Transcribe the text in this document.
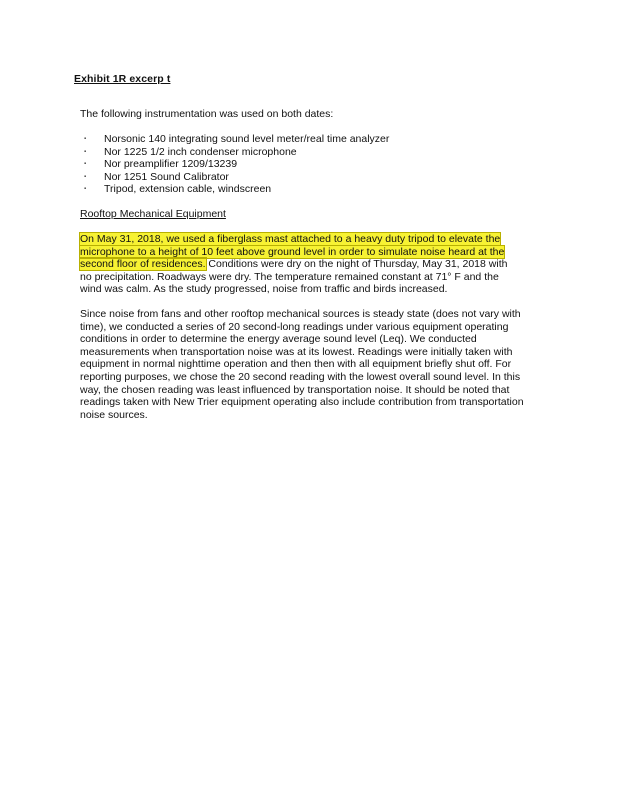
Exhibit 1R excerp t
The following instrumentation was used on both dates:
▪	Norsonic 140 integrating sound level meter/real time analyzer
▪	Nor 1225 1/2 inch condenser microphone
▪	Nor preamplifier 1209/13239
▪	Nor 1251 Sound Calibrator
▪	Tripod, extension cable, windscreen
Rooftop Mechanical Equipment
On May 31, 2018, we used a fiberglass mast attached to a heavy duty tripod to elevate the
microphone to a height of 10 feet above ground level in order to simulate noise heard at the
second floor of residences. Conditions were dry on the night of Thursday, May 31, 2018 with
no precipitation. Roadways were dry. The temperature remained constant at 71° F and the
wind was calm. As the study progressed, noise from traffic and birds increased.
Since noise from fans and other rooftop mechanical sources is steady state (does not vary with
time), we conducted a series of 20 second-long readings under various equipment operating
conditions in order to determine the energy average sound level (Leq). We conducted
measurements when transportation noise was at its lowest. Readings were initially taken with
equipment in normal nighttime operation and then then with all equipment briefly shut off. For
reporting purposes, we chose the 20 second reading with the lowest overall sound level. In this
way, the chosen reading was least influenced by transportation noise. It should be noted that
readings taken with New Trier equipment operating also include contribution from transportation
noise sources.
